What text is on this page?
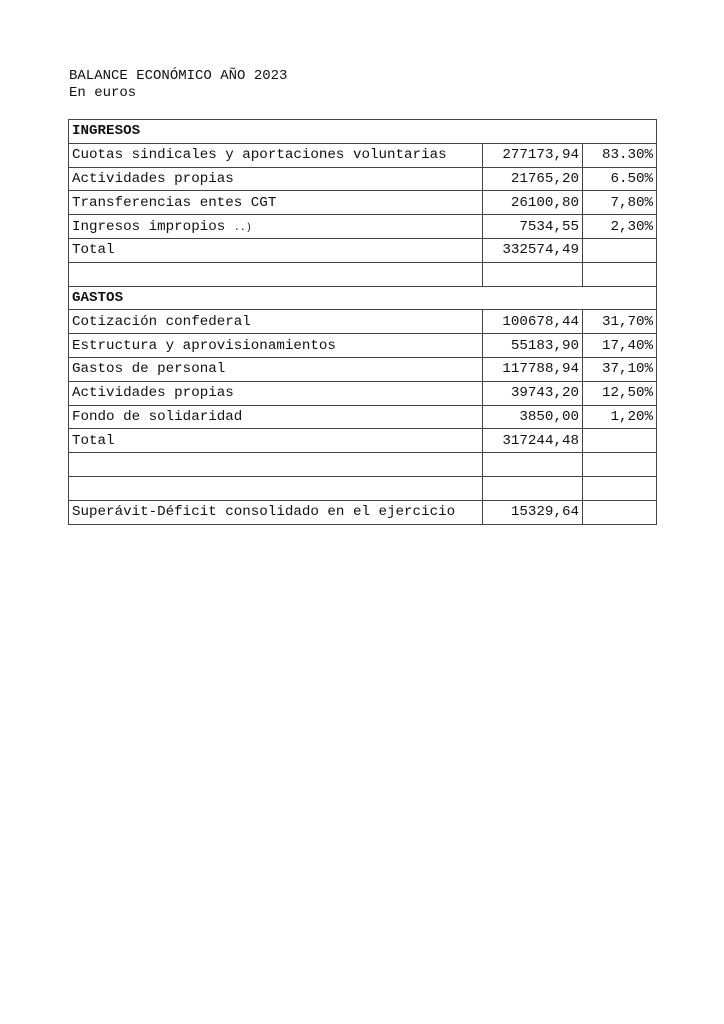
BALANCE ECONÓMICO AÑO 2023
En euros
INGRESOS		
Cuotas sindicales y aportaciones voluntarias	277173,94	83.30%
Actividades propias	21765,20	6.50%
Transferencias entes CGT	26100,80	7,80%
Ingresos impropios ..)	7534,55	2,30%
Total	332574,49	

GASTOS		
Cotización confederal	100678,44	31,70%
Estructura y aprovisionamientos	55183,90	17,40%
Gastos de personal	117788,94	37,10%
Actividades propias	39743,20	12,50%
Fondo de solidaridad	3850,00	1,20%
Total	317244,48	

Superávit-Déficit consolidado en el ejercicio	15329,64	
